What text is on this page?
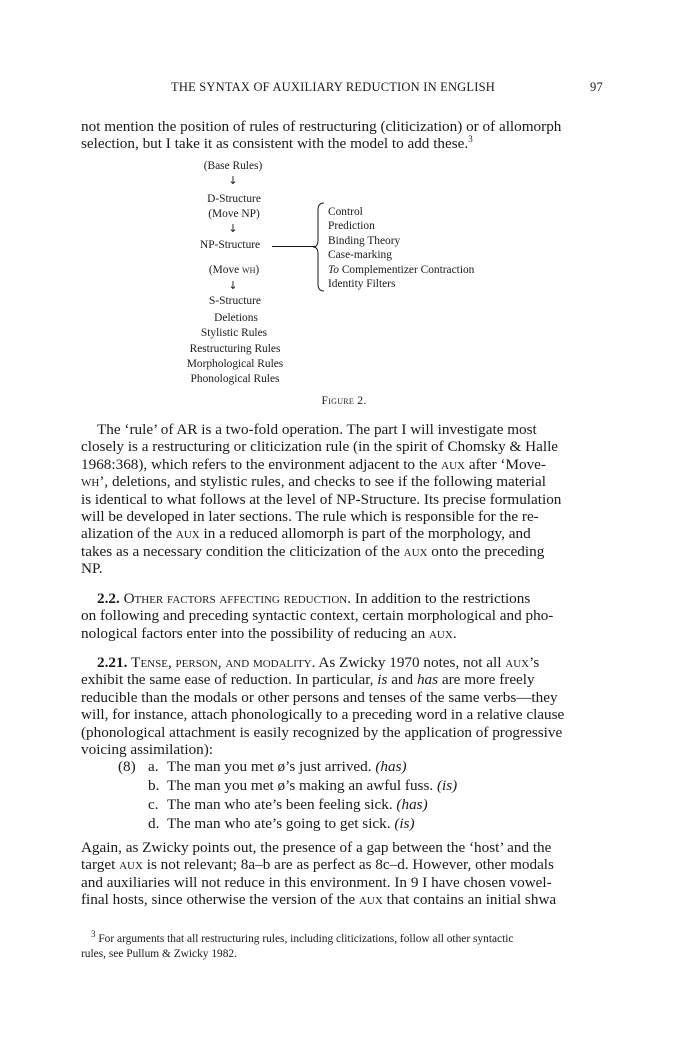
THE SYNTAX OF AUXILIARY REDUCTION IN ENGLISH	97
not mention the position of rules of restructuring (cliticization) or of allomorph
selection, but I take it as consistent with the model to add these.$^3$
(Base Rules)
↓
D-Structure
(Move NP)
↓
NP-Structure
(Move wh)
↓
S-Structure
Deletions
Stylistic Rules
Restructuring Rules
Morphological Rules
Phonological Rules
Control
Prediction
Binding Theory
Case-marking
To Complementizer Contraction
Identity Filters
Figure 2.
The ‘rule’ of AR is a two-fold operation. The part I will investigate most
closely is a restructuring or cliticization rule (in the spirit of Chomsky & Halle
1968:368), which refers to the environment adjacent to the aux after ‘Move-
wh’, deletions, and stylistic rules, and checks to see if the following material
is identical to what follows at the level of NP-Structure. Its precise formulation
will be developed in later sections. The rule which is responsible for the re-
alization of the aux in a reduced allomorph is part of the morphology, and
takes as a necessary condition the cliticization of the aux onto the preceding
NP.
2.2. Other factors affecting reduction. In addition to the restrictions
on following and preceding syntactic context, certain morphological and pho-
nological factors enter into the possibility of reducing an aux.
2.21. Tense, person, and modality. As Zwicky 1970 notes, not all aux’s
exhibit the same ease of reduction. In particular, is and has are more freely
reducible than the modals or other persons and tenses of the same verbs—they
will, for instance, attach phonologically to a preceding word in a relative clause
(phonological attachment is easily recognized by the application of progressive
voicing assimilation):
(8) a. The man you met ø’s just arrived. (has)
b. The man you met ø’s making an awful fuss. (is)
c. The man who ate’s been feeling sick. (has)
d. The man who ate’s going to get sick. (is)
Again, as Zwicky points out, the presence of a gap between the ‘host’ and the
target aux is not relevant; 8a–b are as perfect as 8c–d. However, other modals
and auxiliaries will not reduce in this environment. In 9 I have chosen vowel-
final hosts, since otherwise the version of the aux that contains an initial shwa
$^3$ For arguments that all restructuring rules, including cliticizations, follow all other syntactic
rules, see Pullum & Zwicky 1982.
